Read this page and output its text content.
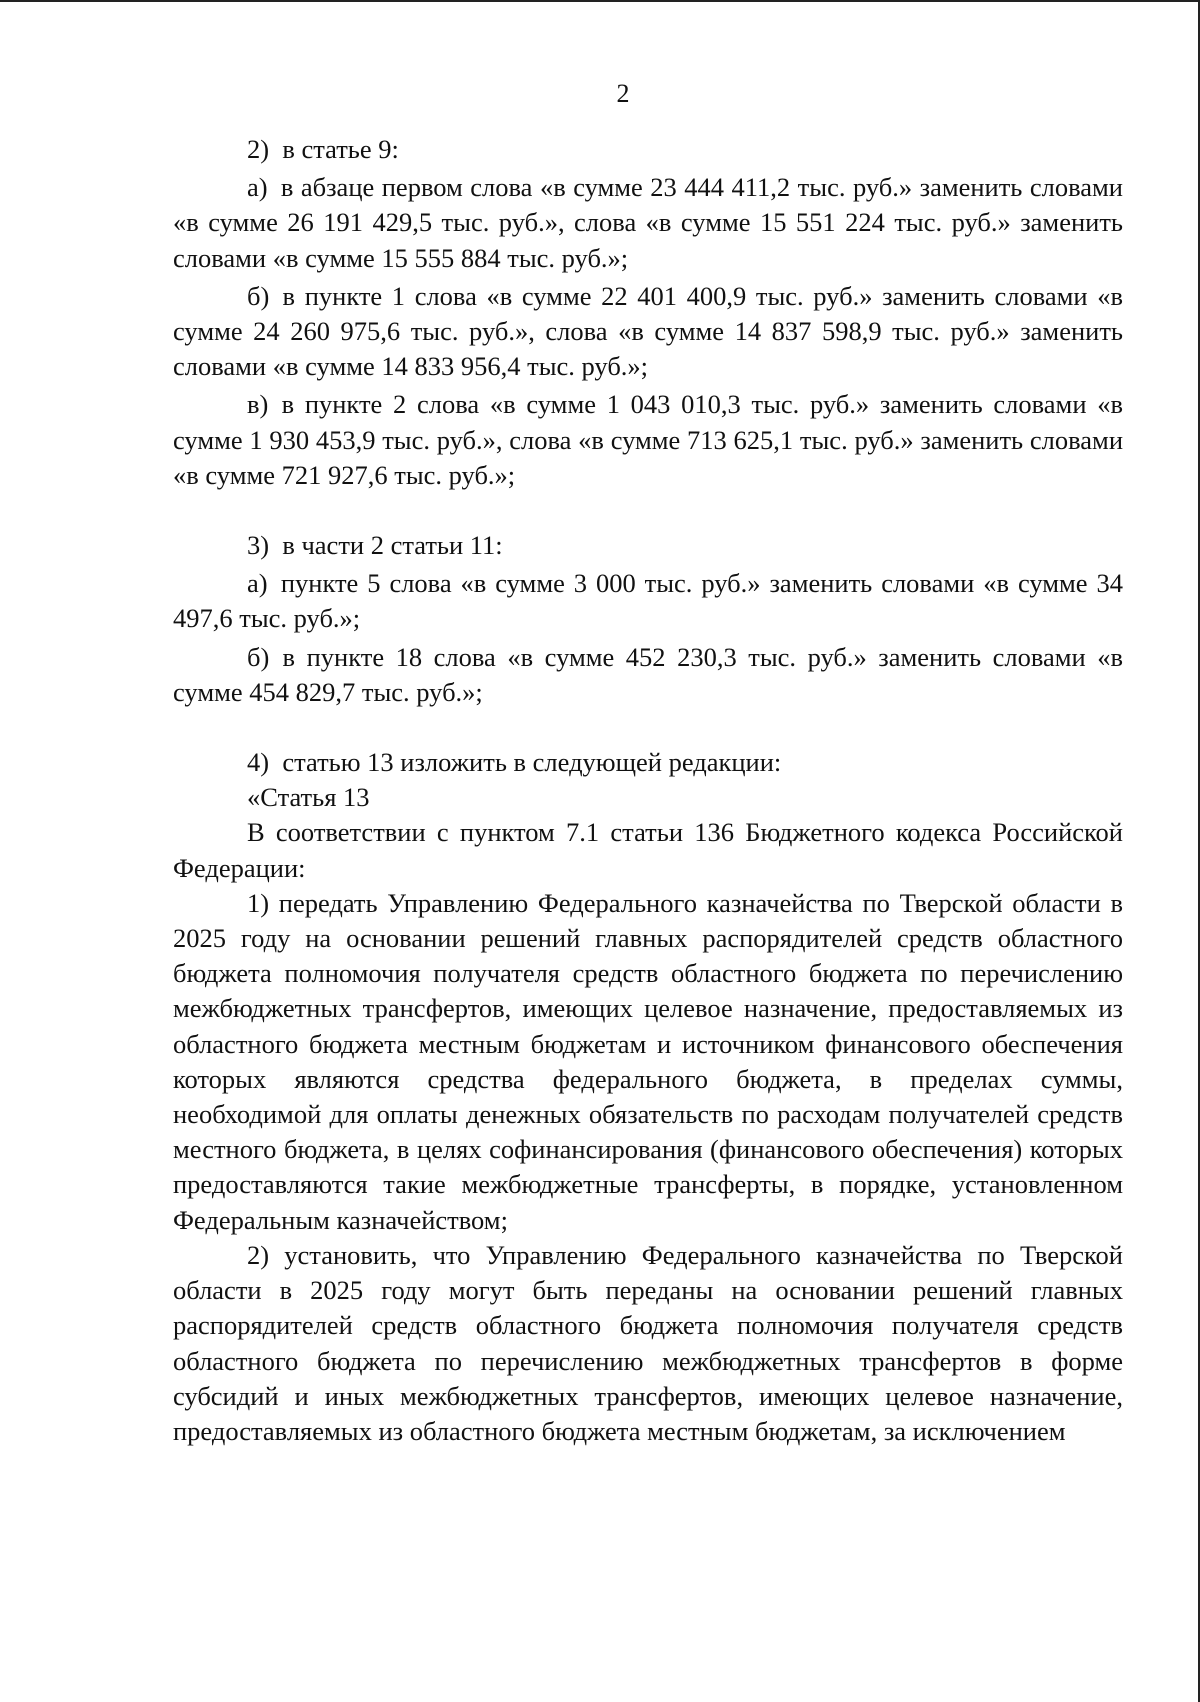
2

2) в статье 9:

а) в абзаце первом слова «в сумме 23 444 411,2 тыс. руб.» заменить словами «в сумме 26 191 429,5 тыс. руб.», слова «в сумме 15 551 224 тыс. руб.» заменить словами «в сумме 15 555 884 тыс. руб.»;

б) в пункте 1 слова «в сумме 22 401 400,9 тыс. руб.» заменить словами «в сумме 24 260 975,6 тыс. руб.», слова «в сумме 14 837 598,9 тыс. руб.» заменить словами «в сумме 14 833 956,4 тыс. руб.»;

в) в пункте 2 слова «в сумме 1 043 010,3 тыс. руб.» заменить словами «в сумме 1 930 453,9 тыс. руб.», слова «в сумме 713 625,1 тыс. руб.» заменить словами «в сумме 721 927,6 тыс. руб.»;

3) в части 2 статьи 11:

а) пункте 5 слова «в сумме 3 000 тыс. руб.» заменить словами «в сумме 34 497,6 тыс. руб.»;

б) в пункте 18 слова «в сумме 452 230,3 тыс. руб.» заменить словами «в сумме 454 829,7 тыс. руб.»;

4) статью 13 изложить в следующей редакции:

«Статья 13

В соответствии с пунктом 7.1 статьи 136 Бюджетного кодекса Российской Федерации:

1) передать Управлению Федерального казначейства по Тверской области в 2025 году на основании решений главных распорядителей средств областного бюджета полномочия получателя средств областного бюджета по перечислению межбюджетных трансфертов, имеющих целевое назначение, предоставляемых из областного бюджета местным бюджетам и источником финансового обеспечения которых являются средства федерального бюджета, в пределах суммы, необходимой для оплаты денежных обязательств по расходам получателей средств местного бюджета, в целях софинансирования (финансового обеспечения) которых предоставляются такие межбюджетные трансферты, в порядке, установленном Федеральным казначейством;

2) установить, что Управлению Федерального казначейства по Тверской области в 2025 году могут быть переданы на основании решений главных распорядителей средств областного бюджета полномочия получателя средств областного бюджета по перечислению межбюджетных трансфертов в форме субсидий и иных межбюджетных трансфертов, имеющих целевое назначение, предоставляемых из областного бюджета местным бюджетам, за исключением
